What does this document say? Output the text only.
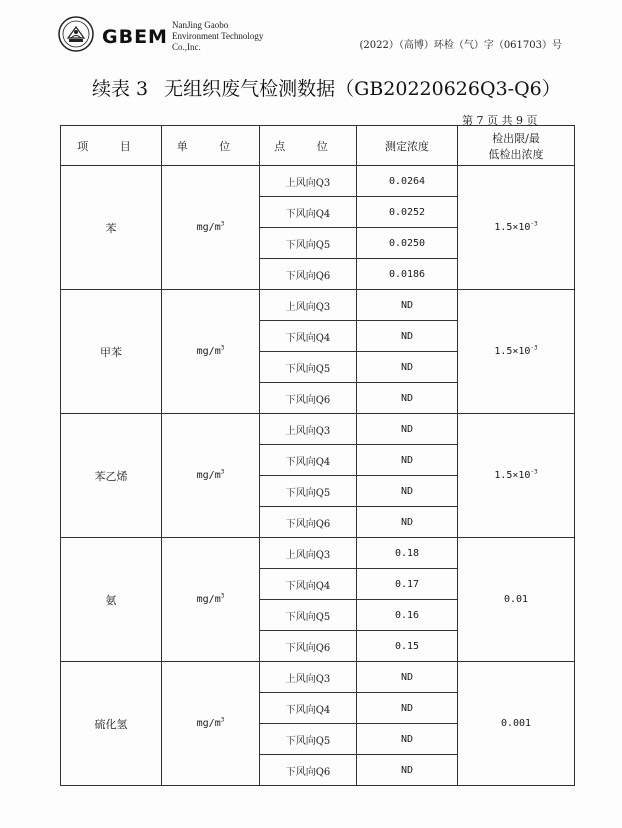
GBEM
NanJing Gaobo
Environment Technology
Co.,Inc.	(2022）（高博）环检（气）字（061703）号
续表 3 无组织废气检测数据（GB20220626Q3-Q6）
第 7 页 共 9 页
项 目	单 位	点 位	测定浓度	检出限/最
低检出浓度

苯	$mg/m^3$	上风向Q3	0.0264	$1.5\times 10^{-3}$
		下风向Q4	0.0252	
		下风向Q5	0.0250	
		下风向Q6	0.0186	
甲苯	$mg/m^3$	上风向Q3	ND	$1.5\times 10^{-3}$
		下风向Q4	ND	
		下风向Q5	ND	
		下风向Q6	ND	
苯乙烯	$mg/m^3$	上风向Q3	ND	$1.5\times 10^{-3}$
		下风向Q4	ND	
		下风向Q5	ND	
		下风向Q6	ND	
氨	$mg/m^3$	上风向Q3	0.18	0.01
		下风向Q4	0.17	
		下风向Q5	0.16	
		下风向Q6	0.15	
硫化氢	$mg/m^3$	上风向Q3	ND	0.001
		下风向Q4	ND	
		下风向Q5	ND	
		下风向Q6	ND	
